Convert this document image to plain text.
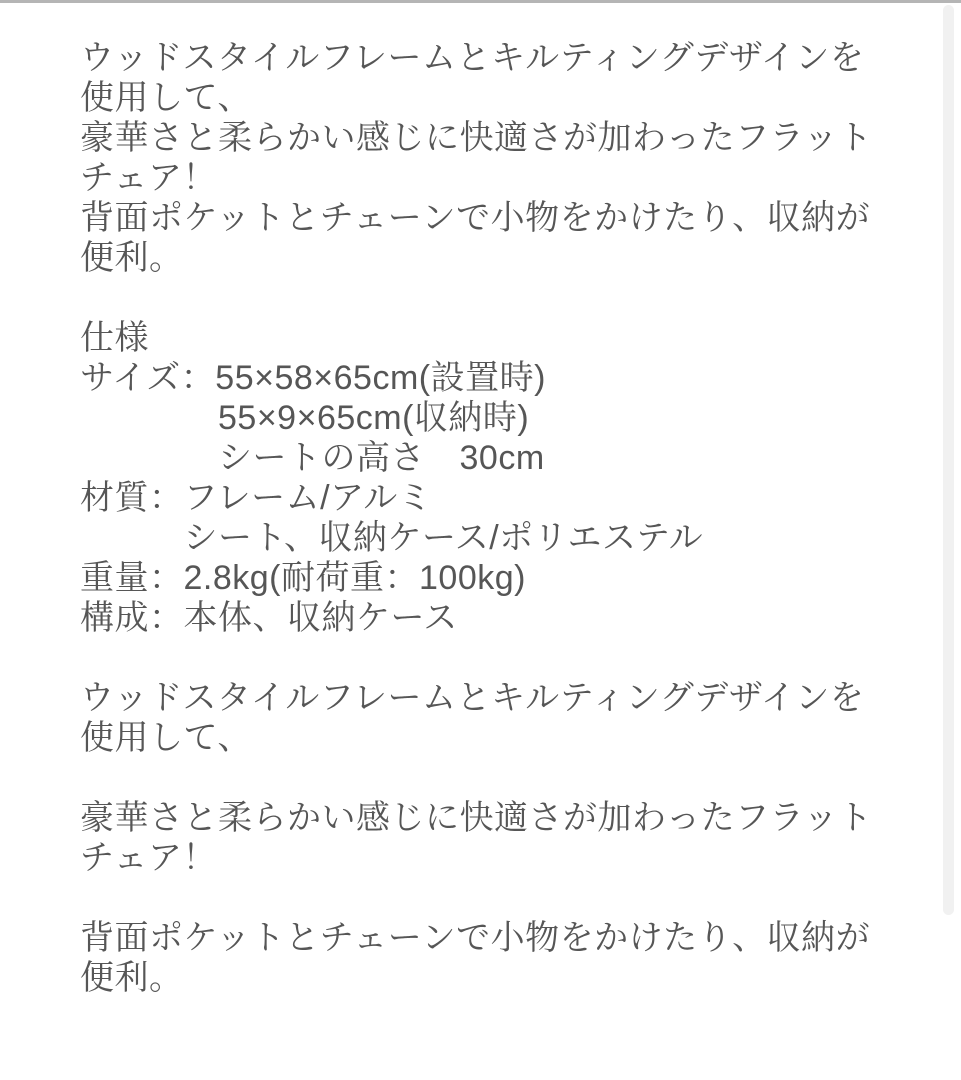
ウッドスタイルフレームとキルティングデザインを
使用して、
豪華さと柔らかい感じに快適さが加わったフラット
チェア！
背面ポケットとチェーンで小物をかけたり、収納が
便利。
仕様
サイズ：55×58×65cm(設置時)
　　　　55×9×65cm(収納時)
　　　　シートの高さ　30cm
材質：フレーム/アルミ
　　　シート、収納ケース/ポリエステル
重量：2.8kg(耐荷重：100kg)
構成：本体、収納ケース
ウッドスタイルフレームとキルティングデザインを
使用して、
豪華さと柔らかい感じに快適さが加わったフラット
チェア！
背面ポケットとチェーンで小物をかけたり、収納が
便利。
